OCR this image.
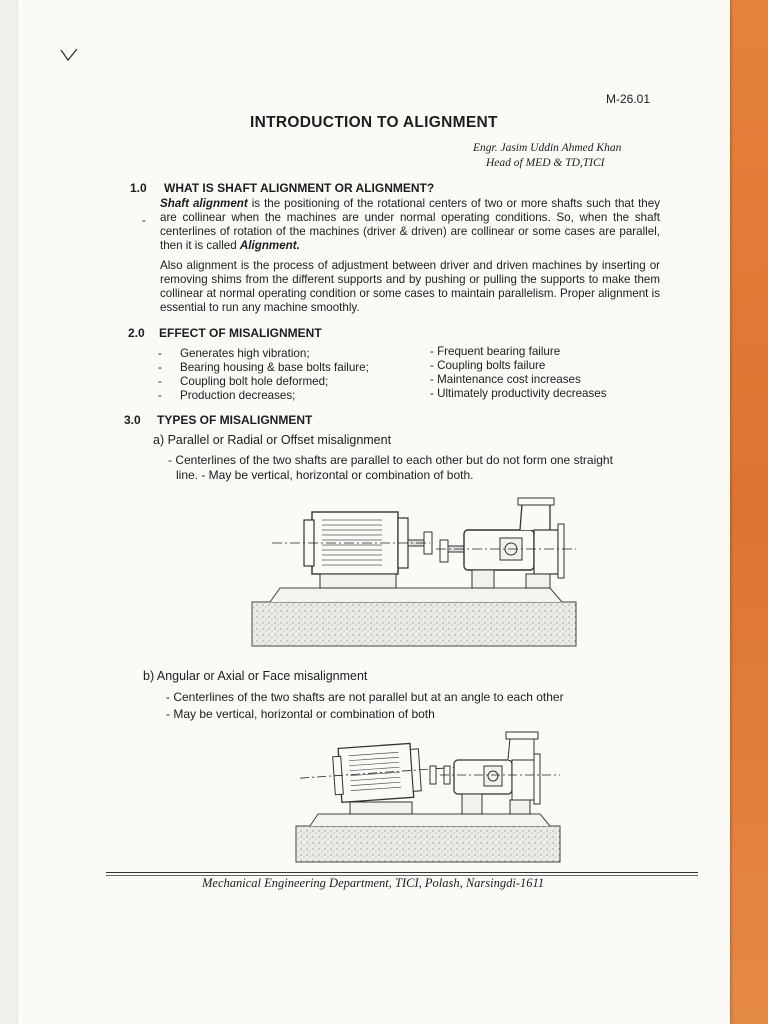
M-26.01
INTRODUCTION TO ALIGNMENT
Engr. Jasim Uddin Ahmed Khan
Head of MED & TD,TICI
1.0 WHAT IS SHAFT ALIGNMENT OR ALIGNMENT?
-
Shaft alignment is the positioning of the rotational centers of two or more shafts such that they are collinear when the machines are under normal operating conditions. So, when the shaft centerlines of rotation of the machines (driver & driven) are collinear or some cases are parallel, then it is called Alignment.
Also alignment is the process of adjustment between driver and driven machines by inserting or removing shims from the different supports and by pushing or pulling the supports to make them collinear at normal operating condition or some cases to maintain parallelism. Proper alignment is essential to run any machine smoothly.
2.0 EFFECT OF MISALIGNMENT
- Generates high vibration;
- Bearing housing & base bolts failure;
- Coupling bolt hole deformed;
- Production decreases;
- Frequent bearing failure
- Coupling bolts failure
- Maintenance cost increases
- Ultimately productivity decreases
3.0 TYPES OF MISALIGNMENT
a) Parallel or Radial or Offset misalignment
- Centerlines of the two shafts are parallel to each other but do not form one straight
line. - May be vertical, horizontal or combination of both.
b) Angular or Axial or Face misalignment
- Centerlines of the two shafts are not parallel but at an angle to each other
- May be vertical, horizontal or combination of both
Mechanical Engineering Department, TICI, Polash, Narsingdi-1611
